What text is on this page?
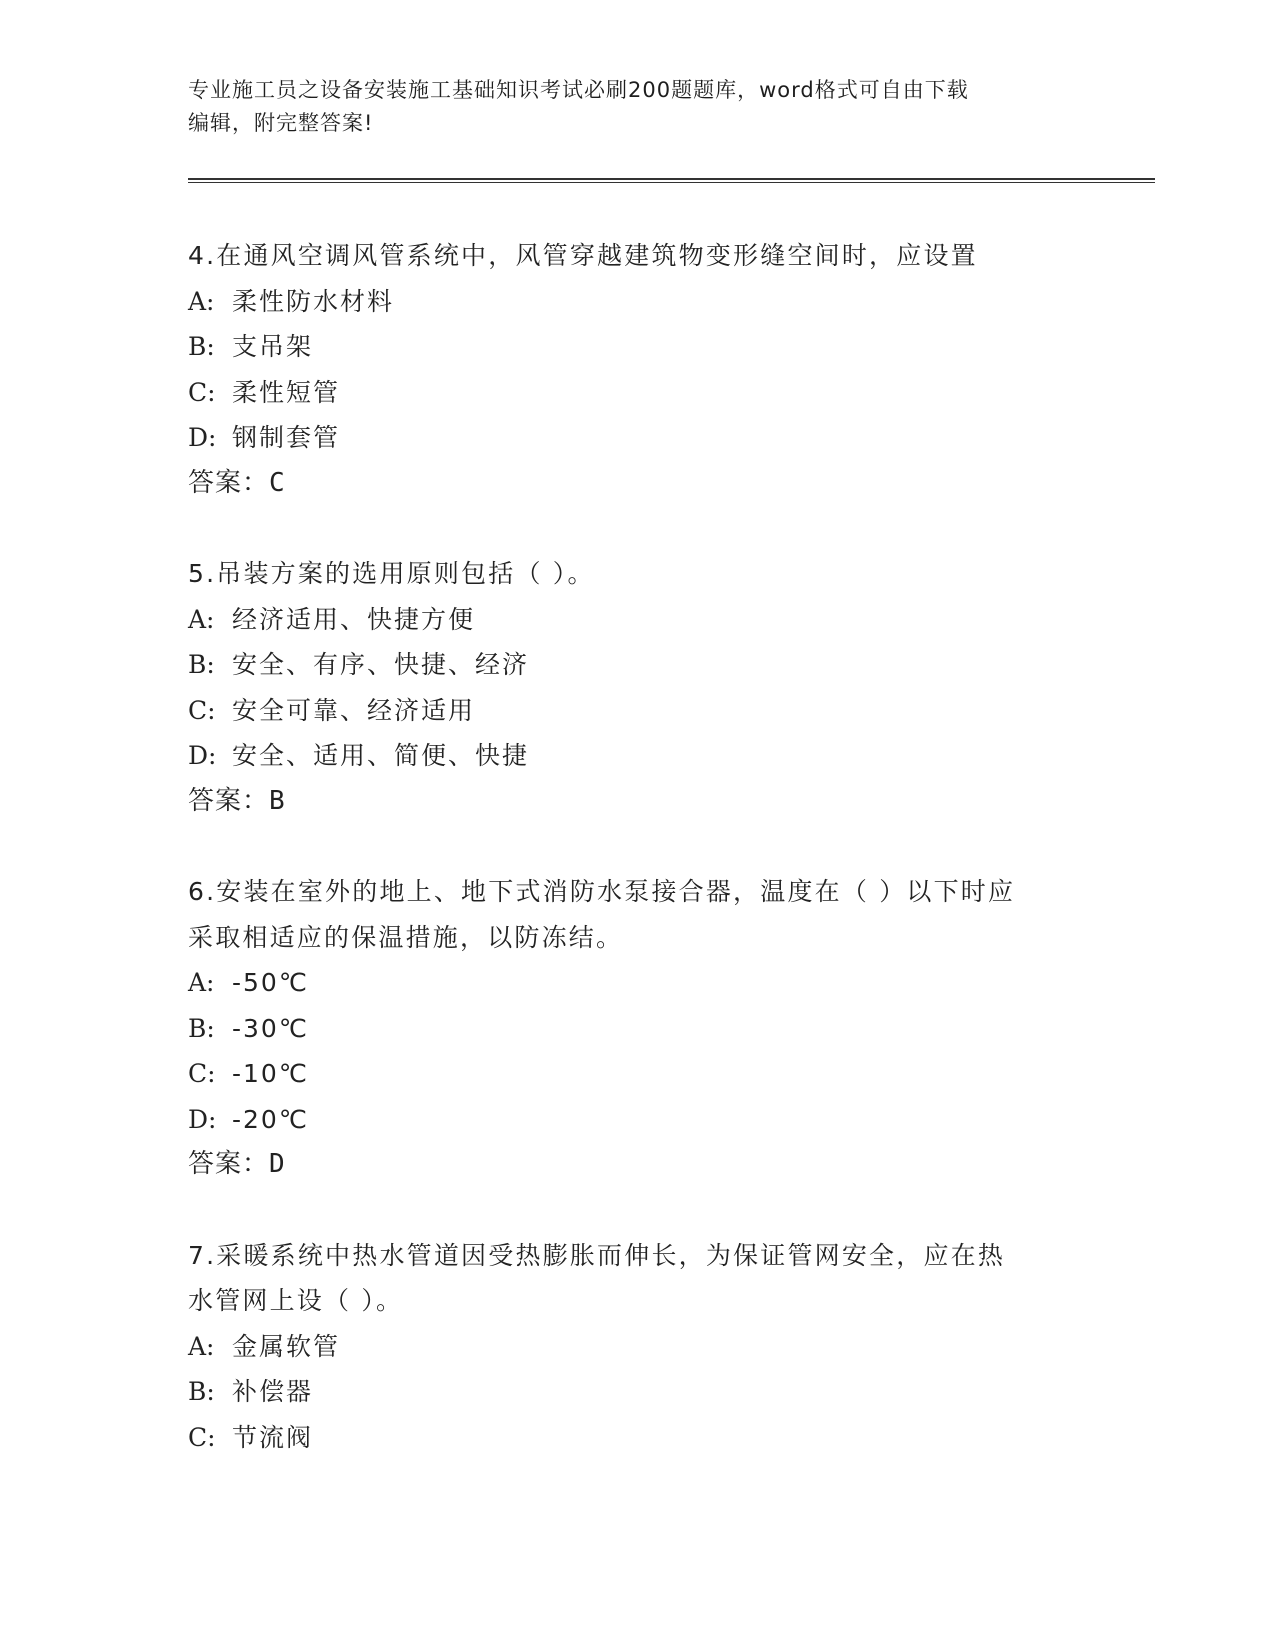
专业施工员之设备安装施工基础知识考试必刷200题题库，word格式可自由下载

编辑，附完整答案!

4.在通风空调风管系统中，风管穿越建筑物变形缝空间时，应设置

A: 柔性防水材料

B: 支吊架

C: 柔性短管

D: 钢制套管

答案：C

5.吊装方案的选用原则包括（ ）。

A: 经济适用、快捷方便

B: 安全、有序、快捷、经济

C: 安全可靠、经济适用

D: 安全、适用、简便、快捷

答案：B

6.安装在室外的地上、地下式消防水泵接合器，温度在（ ）以下时应

采取相适应的保温措施，以防冻结。

A: -50℃

B: -30℃

C: -10℃

D: -20℃

答案：D

7.采暖系统中热水管道因受热膨胀而伸长，为保证管网安全，应在热

水管网上设（ ）。

A: 金属软管

B: 补偿器

C: 节流阀
